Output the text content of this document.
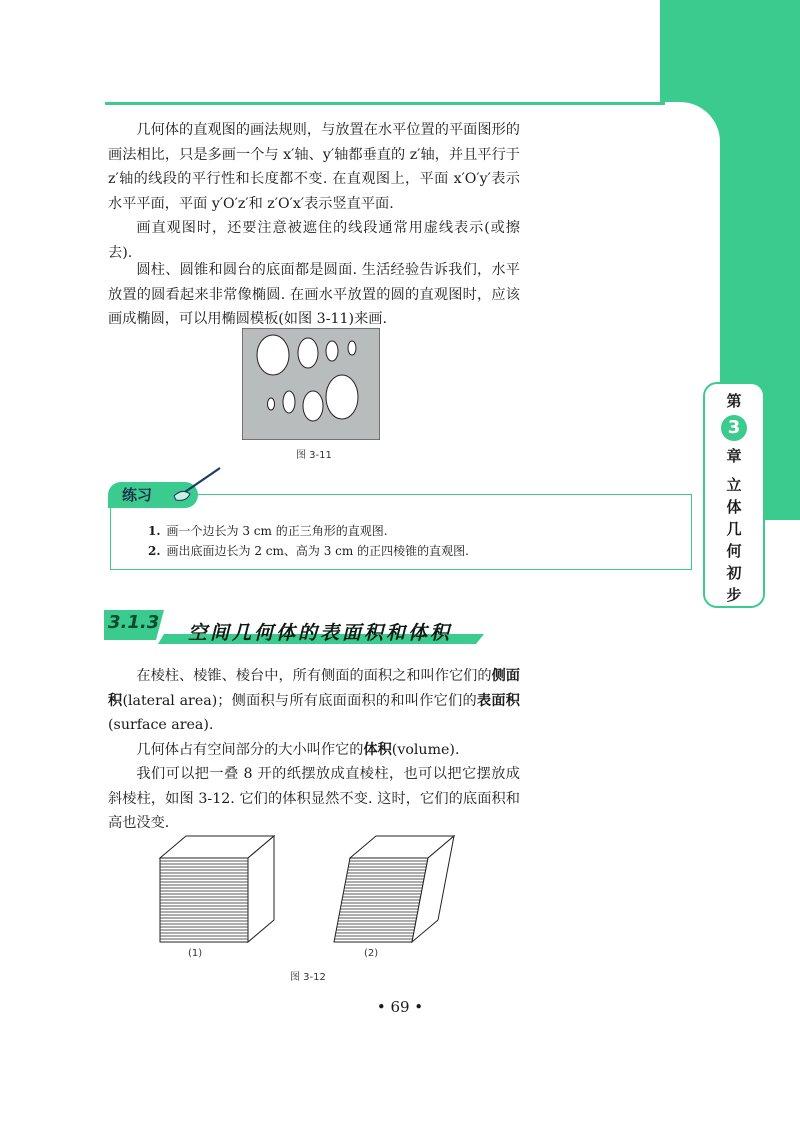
第
3
章
立
体
几
何
初
步

几何体的直观图的画法规则，与放置在水平位置的平面图形的画法相比，只是多画一个与 x′轴、y′轴都垂直的 z′轴，并且平行于 z′轴的线段的平行性和长度都不变. 在直观图上，平面 x′O′y′表示水平平面，平面 y′O′z′和 z′O′x′表示竖直平面.

画直观图时，还要注意被遮住的线段通常用虚线表示(或擦去).

圆柱、圆锥和圆台的底面都是圆面. 生活经验告诉我们，水平放置的圆看起来非常像椭圆. 在画水平放置的圆的直观图时，应该画成椭圆，可以用椭圆模板(如图 3-11)来画.

图 3-11
练习
1. 画一个边长为 3 cm 的正三角形的直观图.
2. 画出底面边长为 2 cm、高为 3 cm 的正四棱锥的直观图.
3.1.3 空间几何体的表面积和体积

在棱柱、棱锥、棱台中，所有侧面的面积之和叫作它们的侧面积(lateral area)；侧面积与所有底面面积的和叫作它们的表面积(surface area).

几何体占有空间部分的大小叫作它的体积(volume).

我们可以把一叠 8 开的纸摆放成直棱柱，也可以把它摆放成斜棱柱，如图 3-12. 它们的体积显然不变. 这时，它们的底面积和高也没变.

(1)	(2)
图 3-12
• 69 •
